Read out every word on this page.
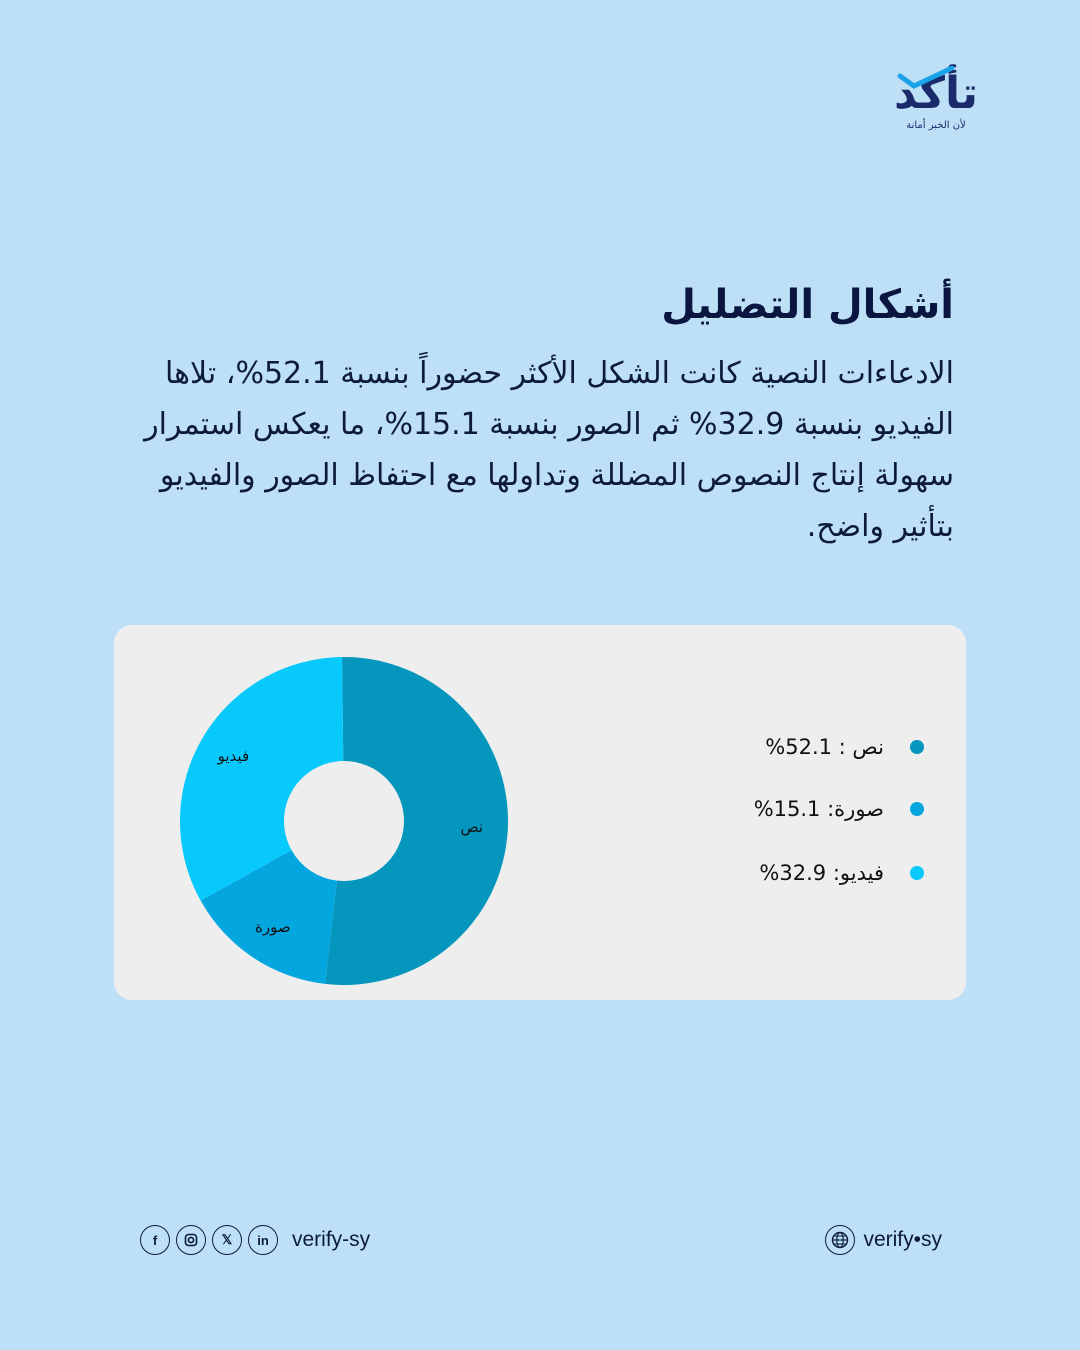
تأكد
لأن الخبر أمانة
أشكال التضليل
الادعاءات النصية كانت الشكل الأكثر حضوراً بنسبة 52.1%، تلاها الفيديو بنسبة 32.9% ثم الصور بنسبة 15.1%، ما يعكس استمرار سهولة إنتاج النصوص المضللة وتداولها مع احتفاظ الصور والفيديو بتأثير واضح.
نص
صورة
فيديو	نص : 52.1%
صورة: 15.1%
فيديو: 32.9%
f	𝕏	in	verify-sy	verify•sy
